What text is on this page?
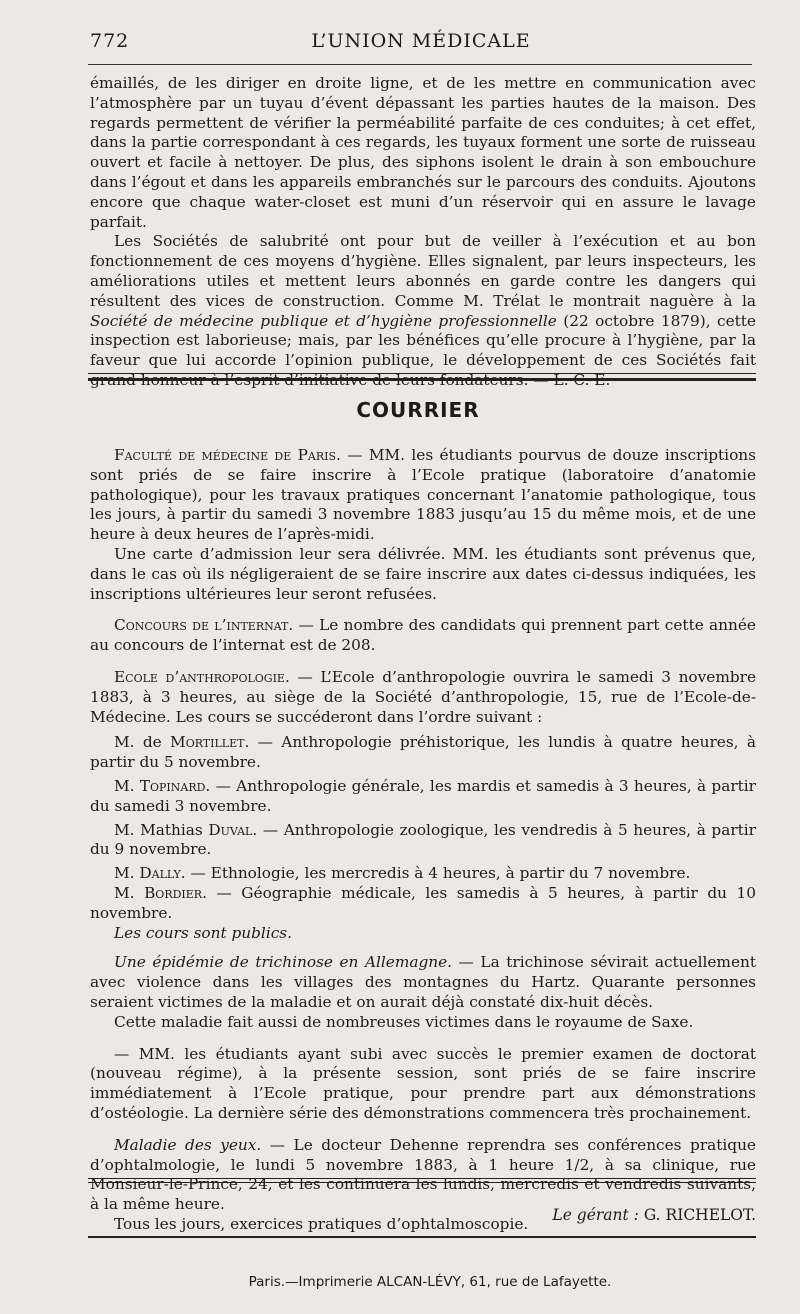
772	L’UNION MÉDICALE

émaillés, de les diriger en droite ligne, et de les mettre en communication avec l’atmosphère par un tuyau d’évent dépassant les parties hautes de la maison. Des regards permettent de vérifier la perméabilité parfaite de ces conduites; à cet effet, dans la partie correspondant à ces regards, les tuyaux forment une sorte de ruisseau ouvert et facile à nettoyer. De plus, des siphons isolent le drain à son embouchure dans l’égout et dans les appareils embranchés sur le parcours des conduits. Ajoutons encore que chaque water-closet est muni d’un réservoir qui en assure le lavage parfait.

Les Sociétés de salubrité ont pour but de veiller à l’exécution et au bon fonctionnement de ces moyens d’hygiène. Elles signalent, par leurs inspecteurs, les améliorations utiles et mettent leurs abonnés en garde contre les dangers qui résultent des vices de construction. Comme M. Trélat le montrait naguère à la Société de médecine publique et d’hygiène professionnelle (22 octobre 1879), cette inspection est laborieuse; mais, par les bénéfices qu’elle procure à l’hygiène, par la faveur que lui accorde l’opinion publique, le développement de ces Sociétés fait grand honneur à l’esprit d’initiative de leurs fondateurs. — L. C. E.

COURRIER

Faculté de médecine de Paris. — MM. les étudiants pourvus de douze inscriptions sont priés de se faire inscrire à l’Ecole pratique (laboratoire d’anatomie pathologique), pour les travaux pratiques concernant l’anatomie pathologique, tous les jours, à partir du samedi 3 novembre 1883 jusqu’au 15 du même mois, et de une heure à deux heures de l’après-midi.

Une carte d’admission leur sera délivrée. MM. les étudiants sont prévenus que, dans le cas où ils négligeraient de se faire inscrire aux dates ci-dessus indiquées, les inscriptions ultérieures leur seront refusées.

Concours de l’internat. — Le nombre des candidats qui prennent part cette année au concours de l’internat est de 208.

Ecole d’anthropologie. — L’Ecole d’anthropologie ouvrira le samedi 3 novembre 1883, à 3 heures, au siège de la Société d’anthropologie, 15, rue de l’Ecole-de-Médecine. Les cours se succéderont dans l’ordre suivant :

M. de Mortillet. — Anthropologie préhistorique, les lundis à quatre heures, à partir du 5 novembre.

M. Topinard. — Anthropologie générale, les mardis et samedis à 3 heures, à partir du samedi 3 novembre.

M. Mathias Duval. — Anthropologie zoologique, les vendredis à 5 heures, à partir du 9 novembre.

M. Dally. — Ethnologie, les mercredis à 4 heures, à partir du 7 novembre.

M. Bordier. — Géographie médicale, les samedis à 5 heures, à partir du 10 novembre.

Les cours sont publics.

Une épidémie de trichinose en Allemagne. — La trichinose sévirait actuellement avec violence dans les villages des montagnes du Hartz. Quarante personnes seraient victimes de la maladie et on aurait déjà constaté dix-huit décès.

Cette maladie fait aussi de nombreuses victimes dans le royaume de Saxe.

— MM. les étudiants ayant subi avec succès le premier examen de doctorat (nouveau régime), à la présente session, sont priés de se faire inscrire immédiatement à l’Ecole pratique, pour prendre part aux démonstrations d’ostéologie. La dernière série des démonstrations commencera très prochainement.

Maladie des yeux. — Le docteur Dehenne reprendra ses conférences pratique d’ophtalmologie, le lundi 5 novembre 1883, à 1 heure 1/2, à sa clinique, rue Monsieur-le-Prince, 24, et les continuera les lundis, mercredis et vendredis suivants, à la même heure.

Tous les jours, exercices pratiques d’ophtalmoscopie.	Le gérant : G. RICHELOT.
Paris.—Imprimerie ALCAN-LÉVY, 61, rue de Lafayette.
